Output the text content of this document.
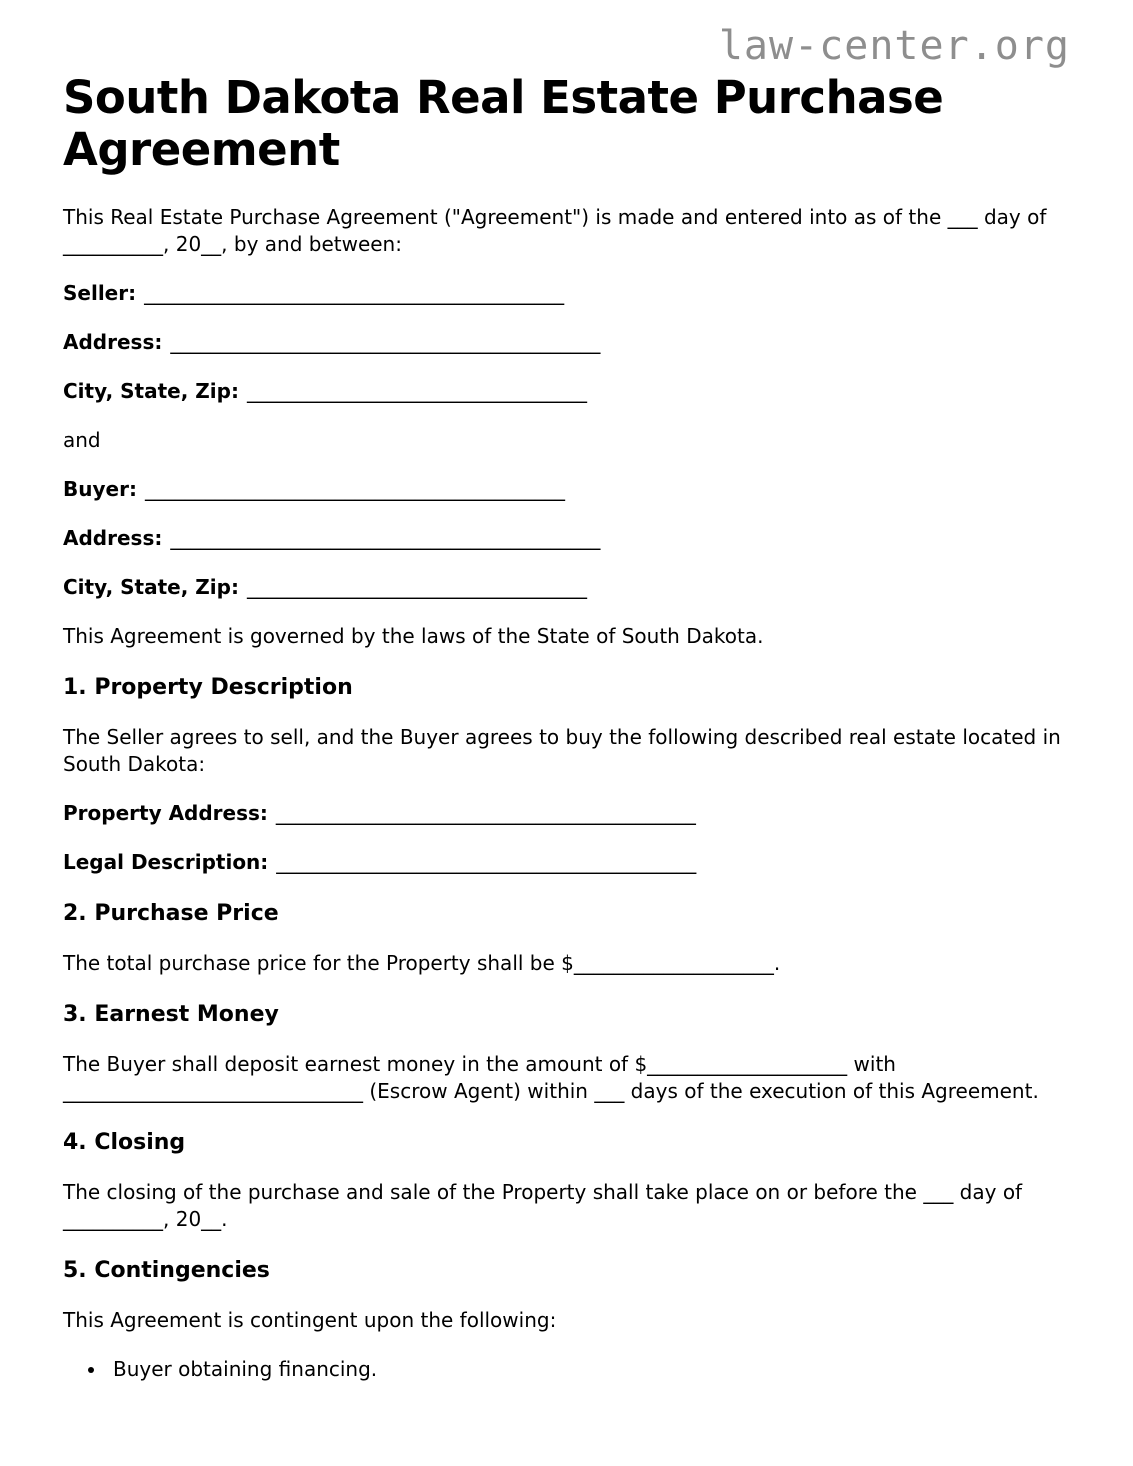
law-center.org
South Dakota Real Estate Purchase Agreement

This Real Estate Purchase Agreement ("Agreement") is made and entered into as of the ___ day of __________, 20__, by and between:

Seller: __________________________________________

Address: ___________________________________________

City, State, Zip: __________________________________

and

Buyer: __________________________________________

Address: ___________________________________________

City, State, Zip: __________________________________

This Agreement is governed by the laws of the State of South Dakota.

1. Property Description

The Seller agrees to sell, and the Buyer agrees to buy the following described real estate located in South Dakota:

Property Address: __________________________________________

Legal Description: __________________________________________

2. Purchase Price

The total purchase price for the Property shall be $____________________.

3. Earnest Money

The Buyer shall deposit earnest money in the amount of $____________________ with ______________________________ (Escrow Agent) within ___ days of the execution of this Agreement.

4. Closing

The closing of the purchase and sale of the Property shall take place on or before the ___ day of __________, 20__.

5. Contingencies

This Agreement is contingent upon the following:

• Buyer obtaining financing.
